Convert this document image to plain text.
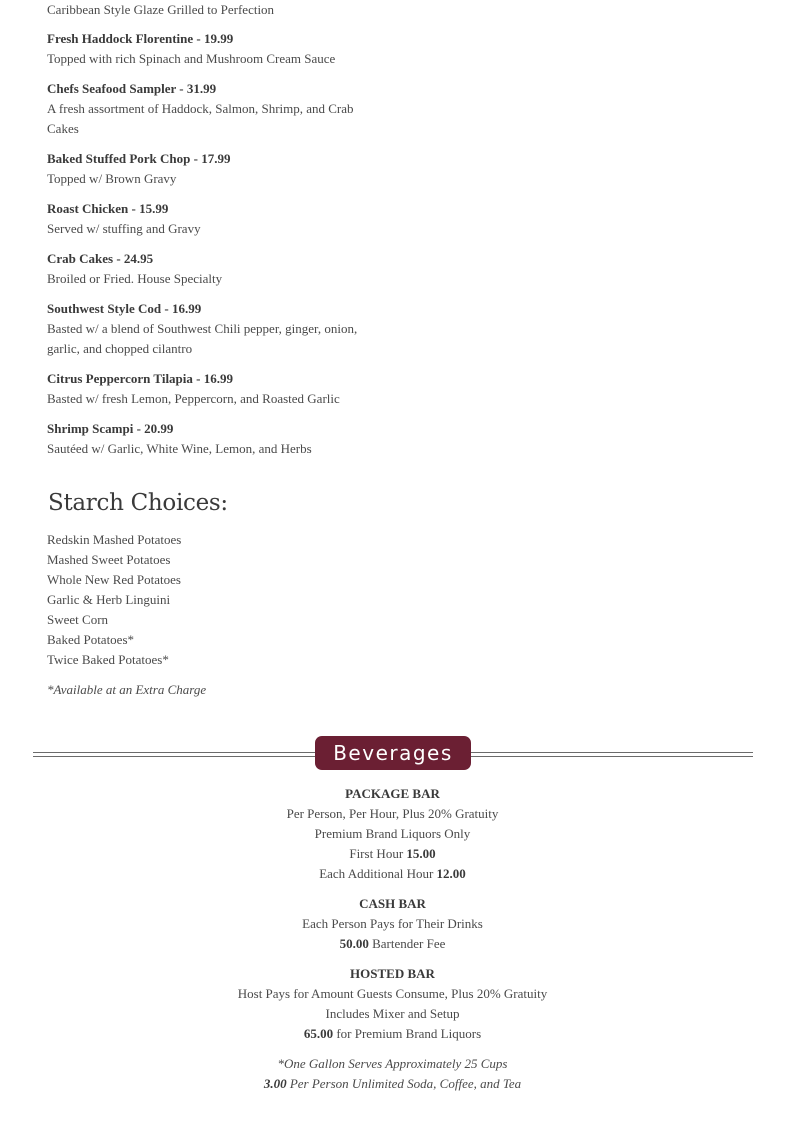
Caribbean Style Glaze Grilled to Perfection
Fresh Haddock Florentine - 19.99
Topped with rich Spinach and Mushroom Cream Sauce
Chefs Seafood Sampler - 31.99
A fresh assortment of Haddock, Salmon, Shrimp, and Crab Cakes
Baked Stuffed Pork Chop - 17.99
Topped w/ Brown Gravy
Roast Chicken - 15.99
Served w/ stuffing and Gravy
Crab Cakes - 24.95
Broiled or Fried. House Specialty
Southwest Style Cod - 16.99
Basted w/ a blend of Southwest Chili pepper, ginger, onion, garlic, and chopped cilantro
Citrus Peppercorn Tilapia - 16.99
Basted w/ fresh Lemon, Peppercorn, and Roasted Garlic
Shrimp Scampi - 20.99
Sautéed w/ Garlic, White Wine, Lemon, and Herbs
Starch Choices:
Redskin Mashed Potatoes
Mashed Sweet Potatoes
Whole New Red Potatoes
Garlic & Herb Linguini
Sweet Corn
Baked Potatoes*
Twice Baked Potatoes*
*Available at an Extra Charge
Beverages
PACKAGE BAR
Per Person, Per Hour, Plus 20% Gratuity
Premium Brand Liquors Only
First Hour 15.00
Each Additional Hour 12.00
CASH BAR
Each Person Pays for Their Drinks
50.00 Bartender Fee
HOSTED BAR
Host Pays for Amount Guests Consume, Plus 20% Gratuity
Includes Mixer and Setup
65.00 for Premium Brand Liquors
*One Gallon Serves Approximately 25 Cups
3.00 Per Person Unlimited Soda, Coffee, and Tea
